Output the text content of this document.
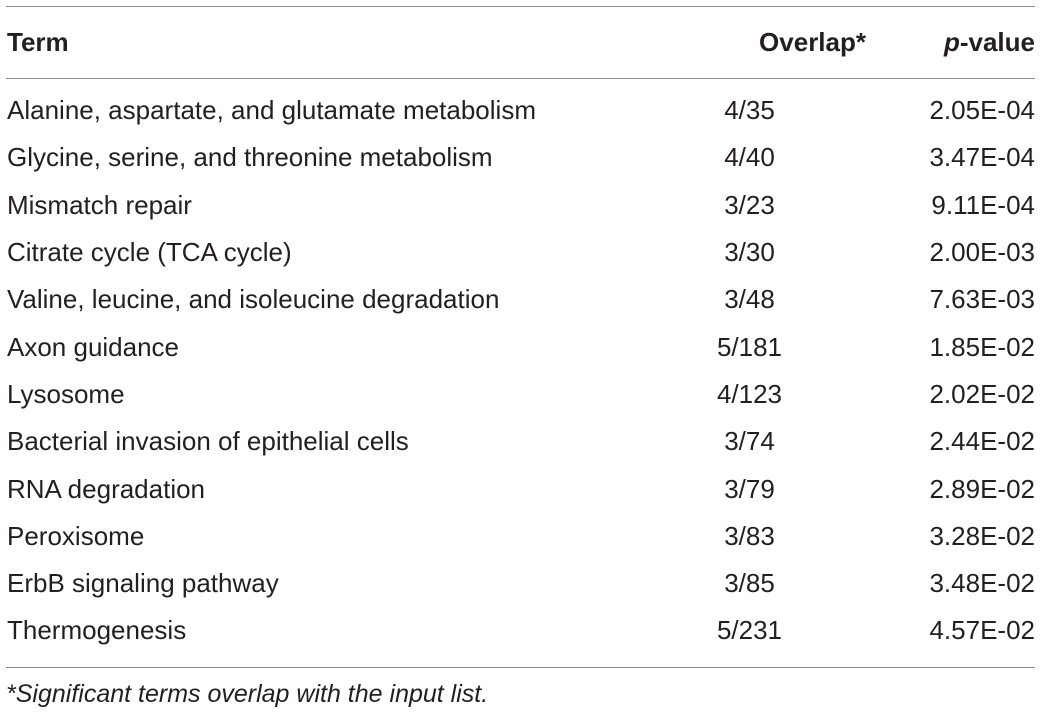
Term	Overlap*	p-value
Alanine, aspartate, and glutamate metabolism	4/35	2.05E-04
Glycine, serine, and threonine metabolism	4/40	3.47E-04
Mismatch repair	3/23	9.11E-04
Citrate cycle (TCA cycle)	3/30	2.00E-03
Valine, leucine, and isoleucine degradation	3/48	7.63E-03
Axon guidance	5/181	1.85E-02
Lysosome	4/123	2.02E-02
Bacterial invasion of epithelial cells	3/74	2.44E-02
RNA degradation	3/79	2.89E-02
Peroxisome	3/83	3.28E-02
ErbB signaling pathway	3/85	3.48E-02
Thermogenesis	5/231	4.57E-02
*Significant terms overlap with the input list.
